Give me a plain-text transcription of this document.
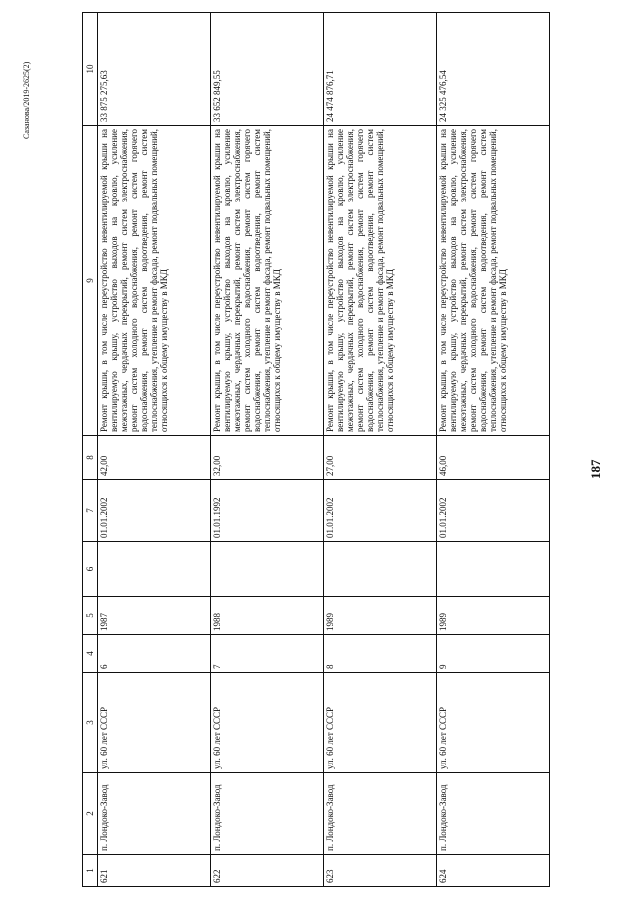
187
1	2	3	4	5	6	7	8	9	10
621	п. Лондоко-Завод	ул. 60 лет СССР	6	1987		01.01.2002	42,00	Ремонт крыши, в том числе переустройство невентилируемой крыши на вентилируемую крышу, устройство выходов на кровлю, усиление межэтажных, чердачных перекрытий, ремонт систем электроснабжения, ремонт систем холодного водоснабжения, ремонт систем горячего водоснабжения, ремонт систем водоотведения, ремонт систем теплоснабжения, утепление и ремонт фасада, ремонт подвальных помещений, относящихся к общему имуществу в МКД	33 875 275,63
622	п. Лондоко-Завод	ул. 60 лет СССР	7	1988		01.01.1992	32,00	Ремонт крыши, в том числе переустройство невентилируемой крыши на вентилируемую крышу, устройство выходов на кровлю, усиление межэтажных, чердачных перекрытий, ремонт систем электроснабжения, ремонт систем холодного водоснабжения, ремонт систем горячего водоснабжения, ремонт систем водоотведения, ремонт систем теплоснабжения, утепление и ремонт фасада, ремонт подвальных помещений, относящихся к общему имуществу в МКД	33 652 849,55
623	п. Лондоко-Завод	ул. 60 лет СССР	8	1989		01.01.2002	27,00	Ремонт крыши, в том числе переустройство невентилируемой крыши на вентилируемую крышу, устройство выходов на кровлю, усиление межэтажных, чердачных перекрытий, ремонт систем электроснабжения, ремонт систем холодного водоснабжения, ремонт систем горячего водоснабжения, ремонт систем водоотведения, ремонт систем теплоснабжения, утепление и ремонт фасада, ремонт подвальных помещений, относящихся к общему имуществу в МКД	24 474 876,71
624	п. Лондоко-Завод	ул. 60 лет СССР	9	1989		01.01.2002	46,00	Ремонт крыши, в том числе переустройство невентилируемой крыши на вентилируемую крышу, устройство выходов на кровлю, усиление межэтажных, чердачных перекрытий, ремонт систем электроснабжения, ремонт систем холодного водоснабжения, ремонт систем горячего водоснабжения, ремонт систем водоотведения, ремонт систем теплоснабжения, утепление и ремонт фасада, ремонт подвальных помещений, относящихся к общему имуществу в МКД	24 325 476,54
Сазанова/2019-2625(2)
